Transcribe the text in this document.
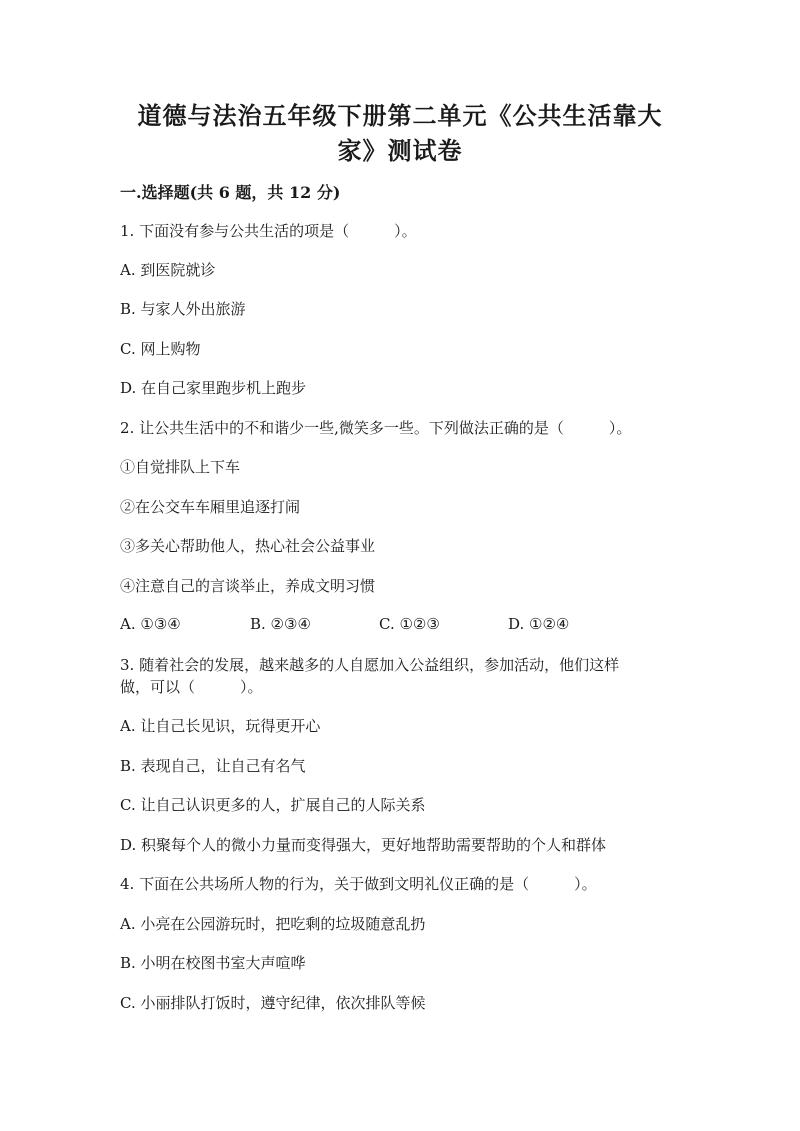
道德与法治五年级下册第二单元《公共生活靠大
家》测试卷
一.选择题(共 6 题，共 12 分)
1. 下面没有参与公共生活的项是（　　　）。
A. 到医院就诊
B. 与家人外出旅游
C. 网上购物
D. 在自己家里跑步机上跑步
2. 让公共生活中的不和谐少一些,微笑多一些。下列做法正确的是（　　　）。
①自觉排队上下车
②在公交车车厢里追逐打闹
③多关心帮助他人，热心社会公益事业
④注意自己的言谈举止，养成文明习惯
A. ①③④	B. ②③④	C. ①②③	D. ①②④
3. 随着社会的发展，越来越多的人自愿加入公益组织，参加活动，他们这样
做，可以（　　　）。
A. 让自己长见识，玩得更开心
B. 表现自己，让自己有名气
C. 让自己认识更多的人，扩展自己的人际关系
D. 积聚每个人的微小力量而变得强大，更好地帮助需要帮助的个人和群体
4. 下面在公共场所人物的行为，关于做到文明礼仪正确的是（　　　）。
A. 小亮在公园游玩时，把吃剩的垃圾随意乱扔
B. 小明在校图书室大声喧哗
C. 小丽排队打饭时，遵守纪律，依次排队等候
